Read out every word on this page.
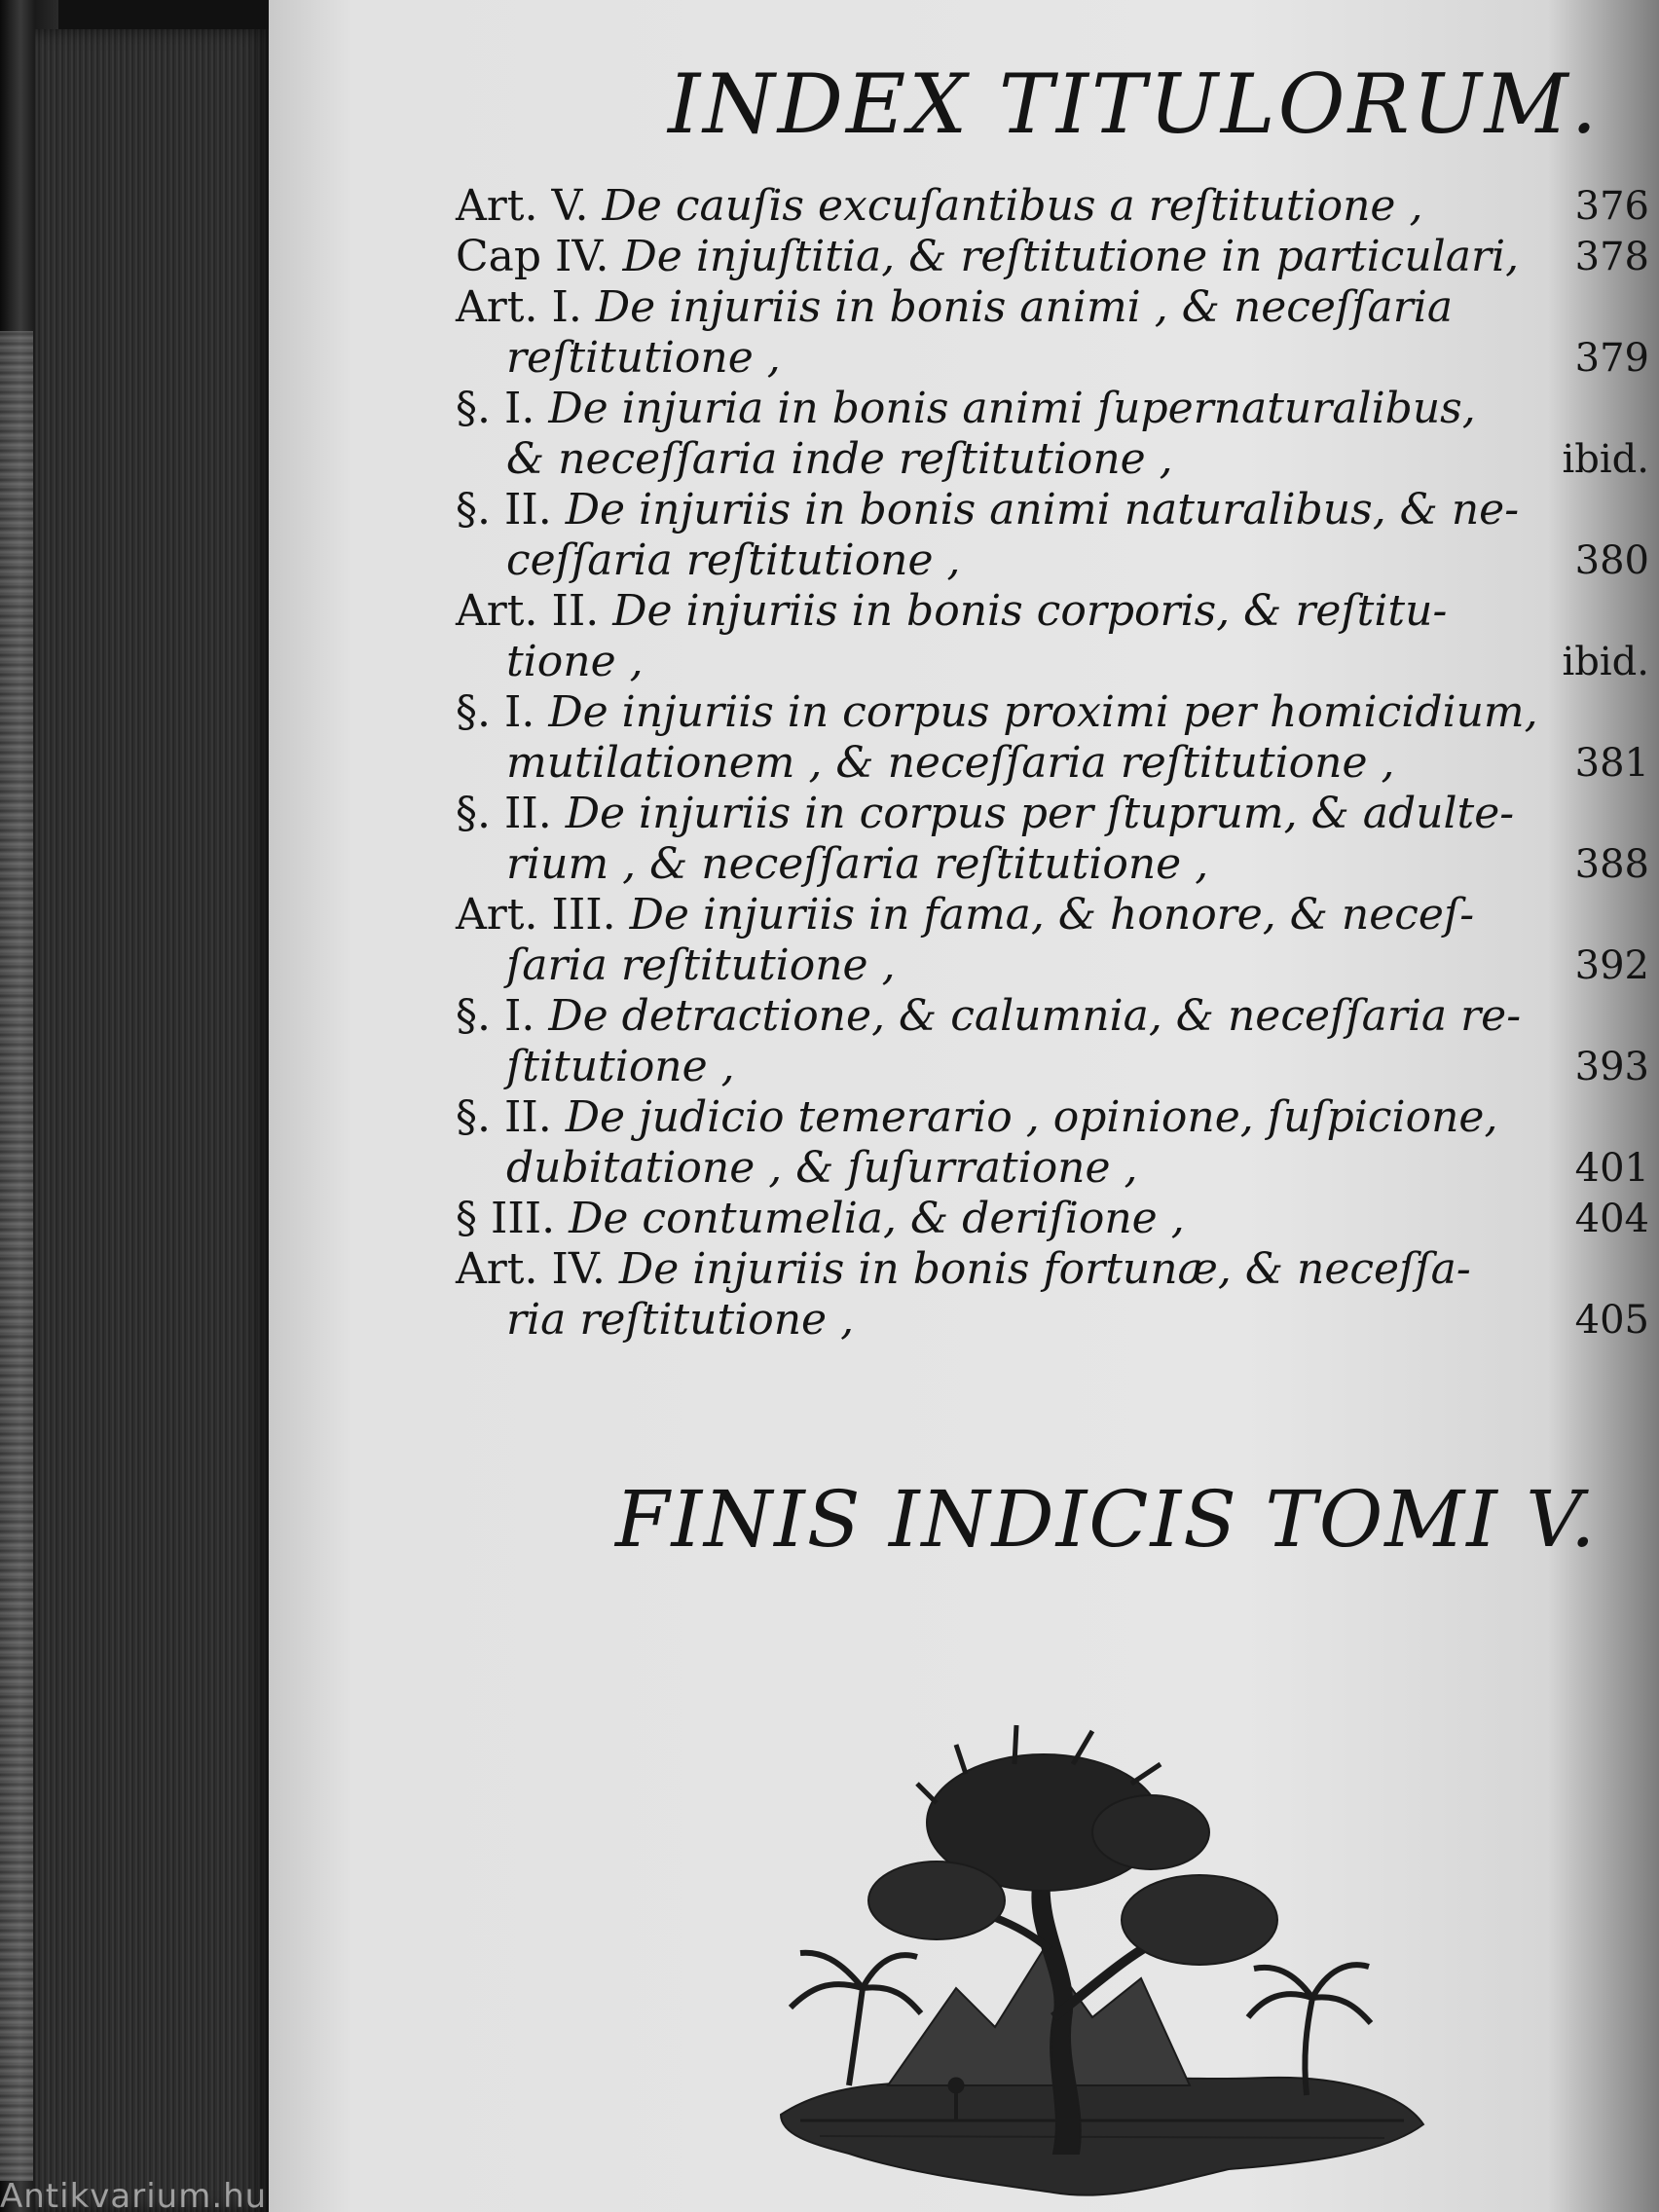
INDEX TITULORUM.
Art. V. De cauſis excuſantibus a reſtitutione ,	376
Cap IV. De injuſtitia, & reſtitutione in particulari,	378
Art. I. De injuriis in bonis animi , & neceſſaria
reſtitutione ,	379
§. I. De injuria in bonis animi ſupernaturalibus,
& neceſſaria inde reſtitutione ,	ibid.
§. II. De injuriis in bonis animi naturalibus, & ne-
ceſſaria reſtitutione ,	380
Art. II. De injuriis in bonis corporis, & reſtitu-
tione ,	ibid.
§. I. De injuriis in corpus proximi per homicidium,
mutilationem , & neceſſaria reſtitutione ,	381
§. II. De injuriis in corpus per ſtuprum, & adulte-
rium , & neceſſaria reſtitutione ,	388
Art. III. De injuriis in fama, & honore, & neceſ-
ſaria reſtitutione ,	392
§. I. De detractione, & calumnia, & neceſſaria re-
ſtitutione ,	393
§. II. De judicio temerario , opinione, ſuſpicione,
dubitatione , & ſuſurratione ,	401
§ III. De contumelia, & deriſione ,	404
Art. IV. De injuriis in bonis fortunæ, & neceſſa-
ria reſtitutione ,	405
FINIS INDICIS TOMI V.
Antikvarium.hu
